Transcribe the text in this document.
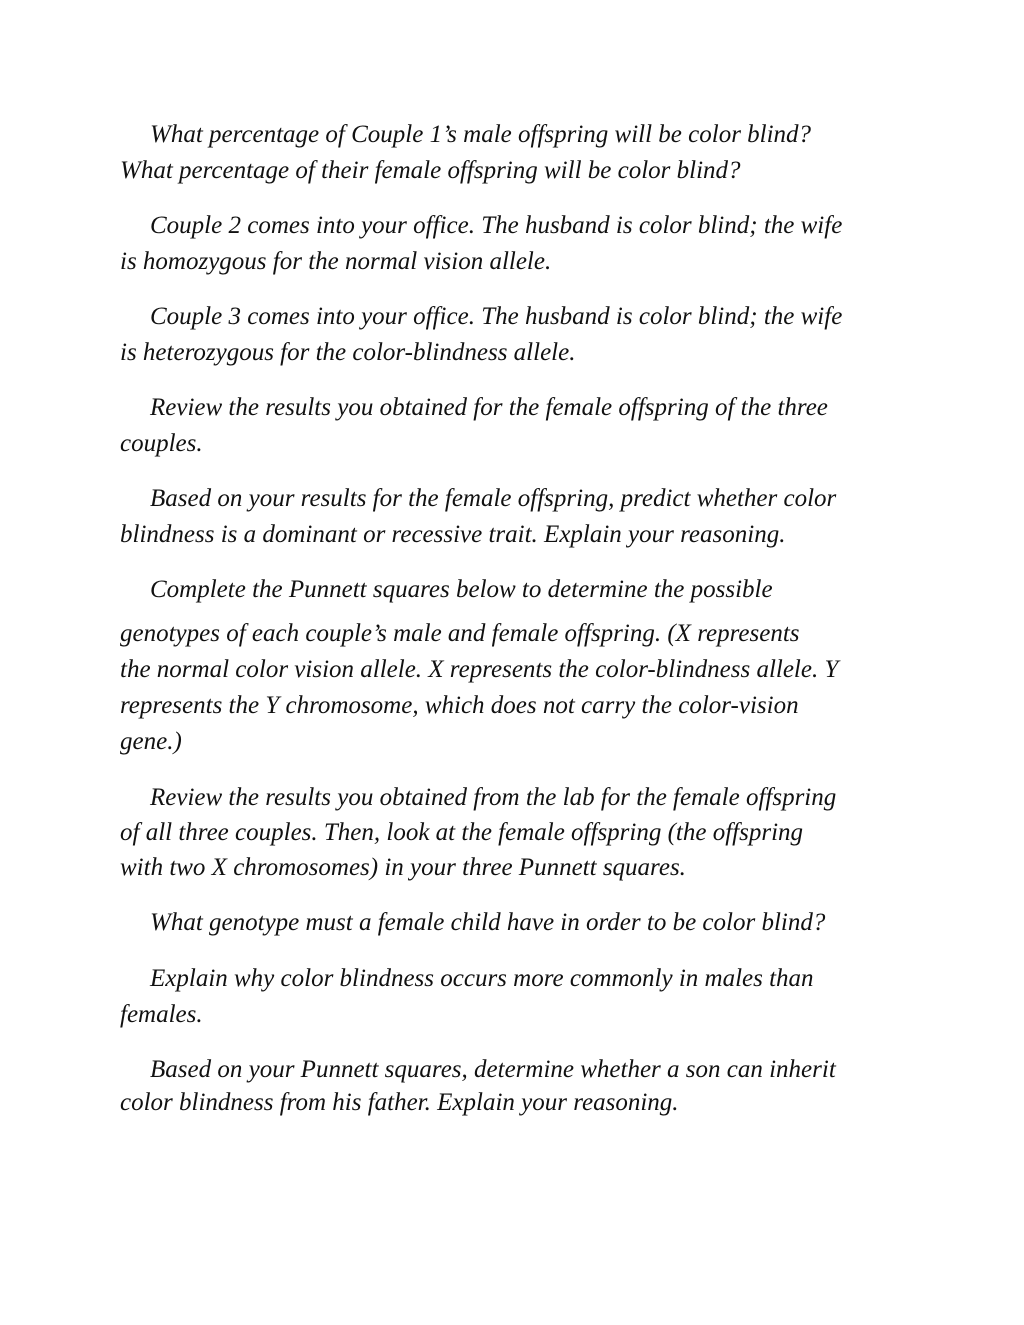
What percentage of Couple 1’s male offspring will be color blind?

What percentage of their female offspring will be color blind?

Couple 2 comes into your office. The husband is color blind; the wife

is homozygous for the normal vision allele.

Couple 3 comes into your office. The husband is color blind; the wife

is heterozygous for the color-blindness allele.

Review the results you obtained for the female offspring of the three

couples.

Based on your results for the female offspring, predict whether color

blindness is a dominant or recessive trait. Explain your reasoning.

Complete the Punnett squares below to determine the possible

genotypes of each couple’s male and female offspring. (X represents

the normal color vision allele. X represents the color-blindness allele. Y

represents the Y chromosome, which does not carry the color-vision

gene.)

Review the results you obtained from the lab for the female offspring

of all three couples. Then, look at the female offspring (the offspring

with two X chromosomes) in your three Punnett squares.

What genotype must a female child have in order to be color blind?

Explain why color blindness occurs more commonly in males than

females.

Based on your Punnett squares, determine whether a son can inherit

color blindness from his father. Explain your reasoning.
